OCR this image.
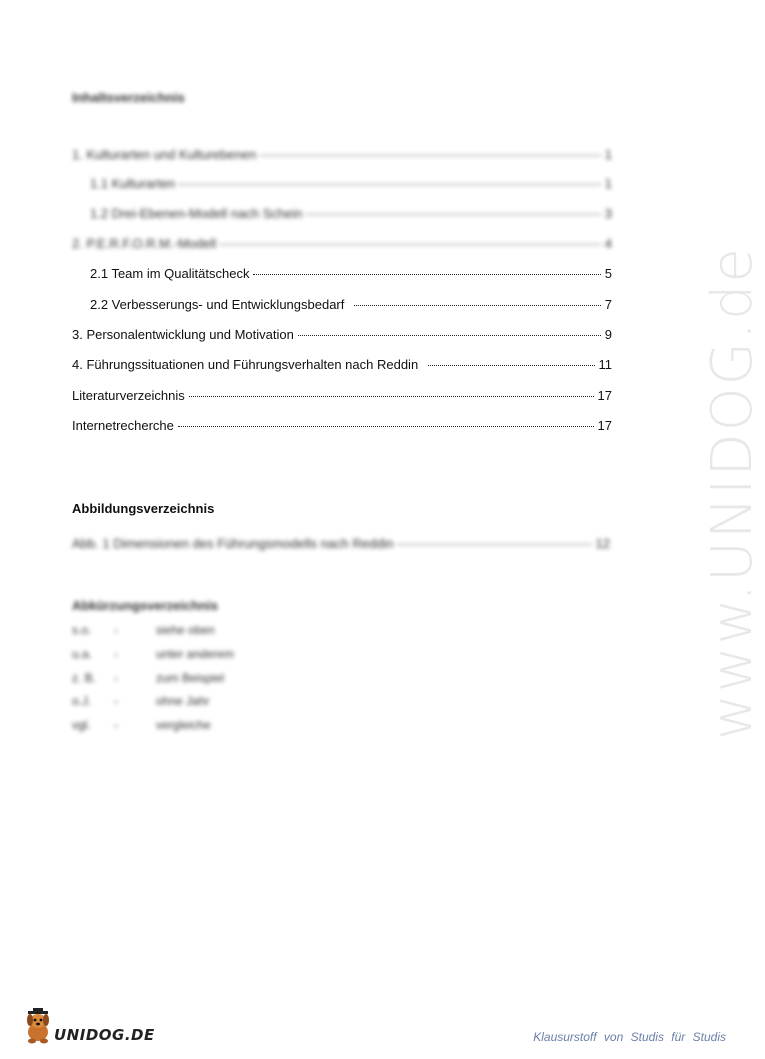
Inhaltsverzeichnis
1. Kulturarten und Kulturebenen	1
1.1 Kulturarten	1
1.2 Drei-Ebenen-Modell nach Schein	3
2. P.E.R.F.O.R.M.-Modell	4
2.1 Team im Qualitätscheck	5
2.2 Verbesserungs- und Entwicklungsbedarf	7
3. Personalentwicklung und Motivation	9
4. Führungssituationen und Führungsverhalten nach Reddin	11
Literaturverzeichnis	17
Internetrecherche	17
Abbildungsverzeichnis
Abb. 1 Dimensionen des Führungsmodells nach Reddin	12
Abkürzungsverzeichnis
s.o. -	siehe oben
u.a. -	unter anderem
z. B. -	zum Beispiel
o.J. -	ohne Jahr
vgl. -	vergleiche	www.UNIDOG.de
UNIDOG.DE	Klausurstoff von Studis für Studis
